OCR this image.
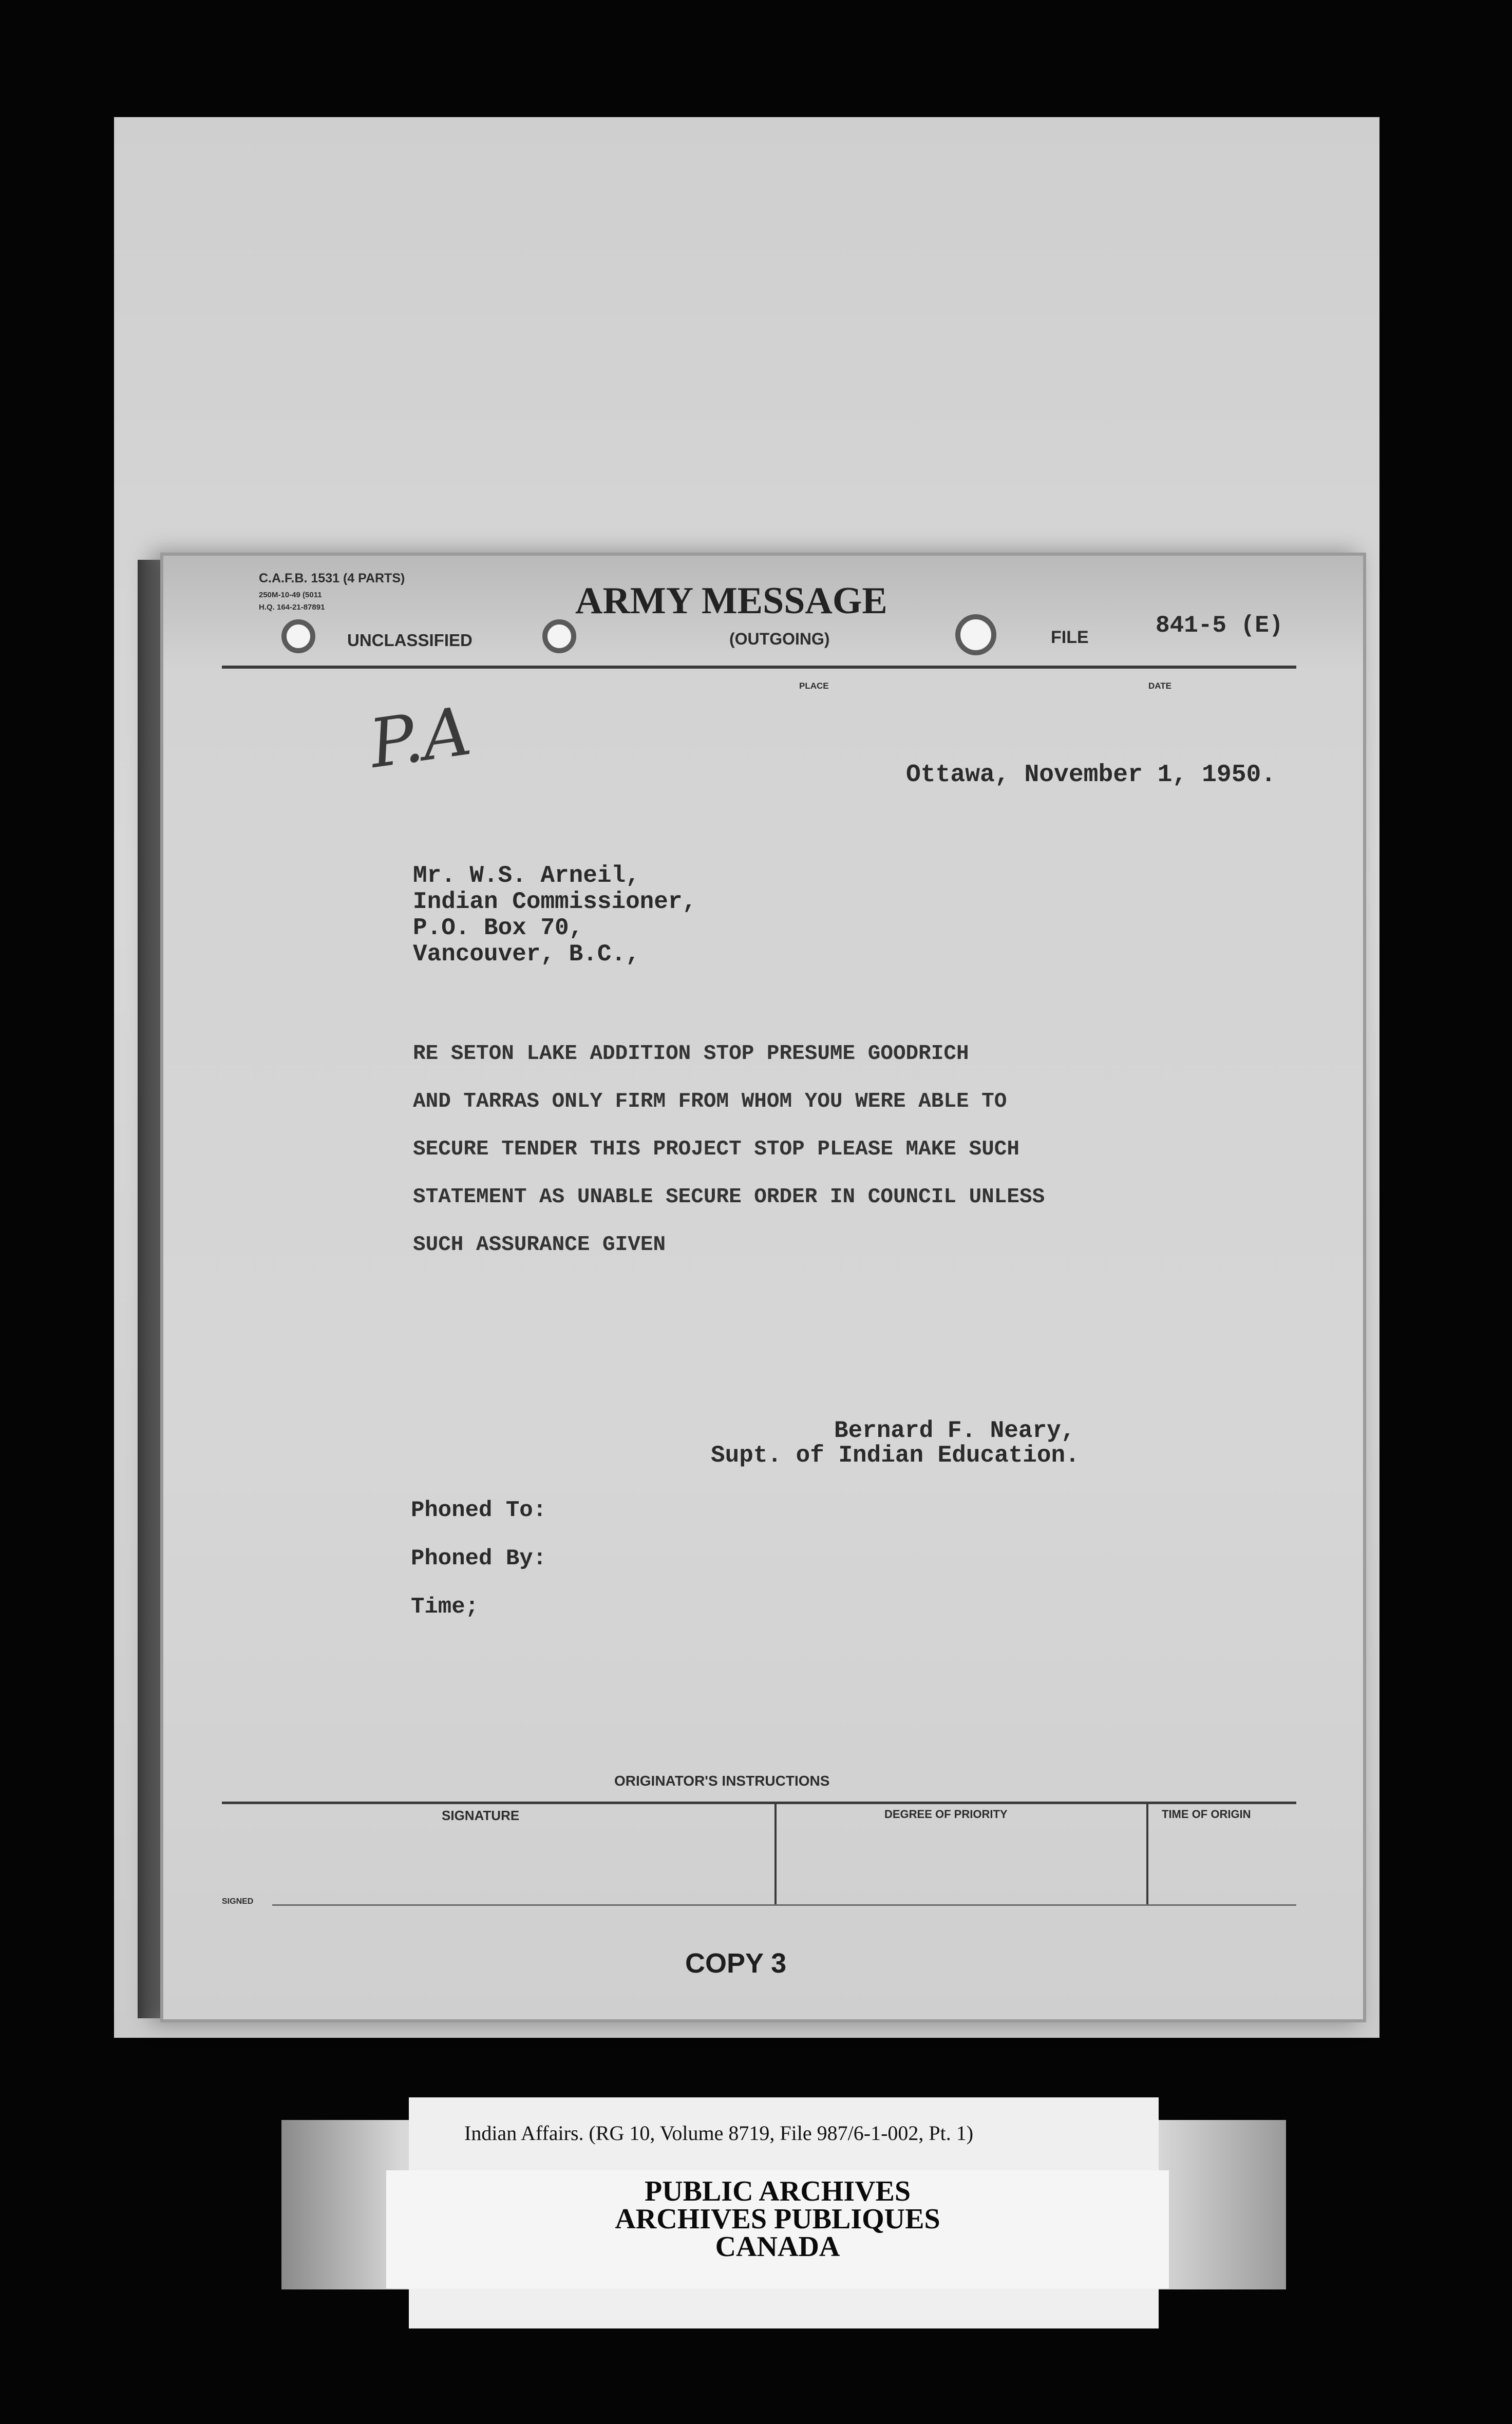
C.A.F.B. 1531 (4 PARTS)
250M-10-49 (5011
H.Q. 164-21-87891
UNCLASSIFIED
ARMY MESSAGE
(OUTGOING)	FILE	841-5 (E)
PLACE	DATE
P.A	Ottawa, November 1, 1950.
Mr. W.S. Arneil,
Indian Commissioner,
P.O. Box 70,
Vancouver, B.C.,
RE SETON LAKE ADDITION STOP PRESUME GOODRICH
AND TARRAS ONLY FIRM FROM WHOM YOU WERE ABLE TO
SECURE TENDER THIS PROJECT STOP PLEASE MAKE SUCH
STATEMENT AS UNABLE SECURE ORDER IN COUNCIL UNLESS
SUCH ASSURANCE GIVEN
Bernard F. Neary,
Supt. of Indian Education.
Phoned To:
Phoned By:
Time;
ORIGINATOR'S INSTRUCTIONS
SIGNATURE	DEGREE OF PRIORITY	TIME OF ORIGIN
SIGNED
COPY 3
Indian Affairs. (RG 10, Volume 8719, File 987/6-1-002, Pt. 1)
PUBLIC ARCHIVES
ARCHIVES PUBLIQUES
CANADA
